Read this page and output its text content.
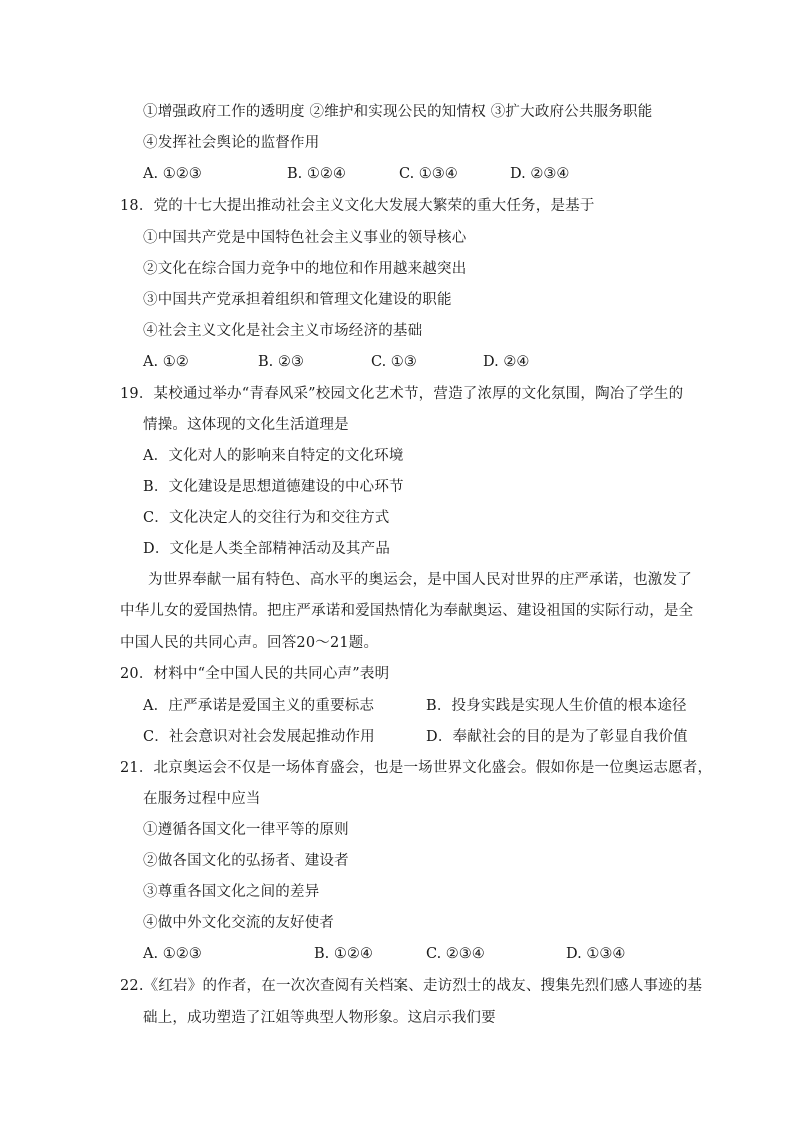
①增强政府工作的透明度 ②维护和实现公民的知情权 ③扩大政府公共服务职能
④发挥社会舆论的监督作用
A. ①②③	B. ①②④	C. ①③④	D. ②③④
18．党的十七大提出推动社会主义文化大发展大繁荣的重大任务，是基于
①中国共产党是中国特色社会主义事业的领导核心
②文化在综合国力竞争中的地位和作用越来越突出
③中国共产党承担着组织和管理文化建设的职能
④社会主义文化是社会主义市场经济的基础
A. ①②	B. ②③	C. ①③	D. ②④
19．某校通过举办“青春风采”校园文化艺术节，营造了浓厚的文化氛围，陶冶了学生的
情操。这体现的文化生活道理是
A．文化对人的影响来自特定的文化环境
B．文化建设是思想道德建设的中心环节
C．文化决定人的交往行为和交往方式
D．文化是人类全部精神活动及其产品
为世界奉献一届有特色、高水平的奥运会，是中国人民对世界的庄严承诺，也激发了
中华儿女的爱国热情。把庄严承诺和爱国热情化为奉献奥运、建设祖国的实际行动，是全
中国人民的共同心声。回答20～21题。
20．材料中“全中国人民的共同心声”表明
A．庄严承诺是爱国主义的重要标志	B．投身实践是实现人生价值的根本途径
C．社会意识对社会发展起推动作用	D．奉献社会的目的是为了彰显自我价值
21．北京奥运会不仅是一场体育盛会，也是一场世界文化盛会。假如你是一位奥运志愿者，
在服务过程中应当
①遵循各国文化一律平等的原则
②做各国文化的弘扬者、建设者
③尊重各国文化之间的差异
④做中外文化交流的友好使者
A. ①②③	B. ①②④	C. ②③④	D. ①③④
22.《红岩》的作者，在一次次查阅有关档案、走访烈士的战友、搜集先烈们感人事迹的基
础上，成功塑造了江姐等典型人物形象。这启示我们要
